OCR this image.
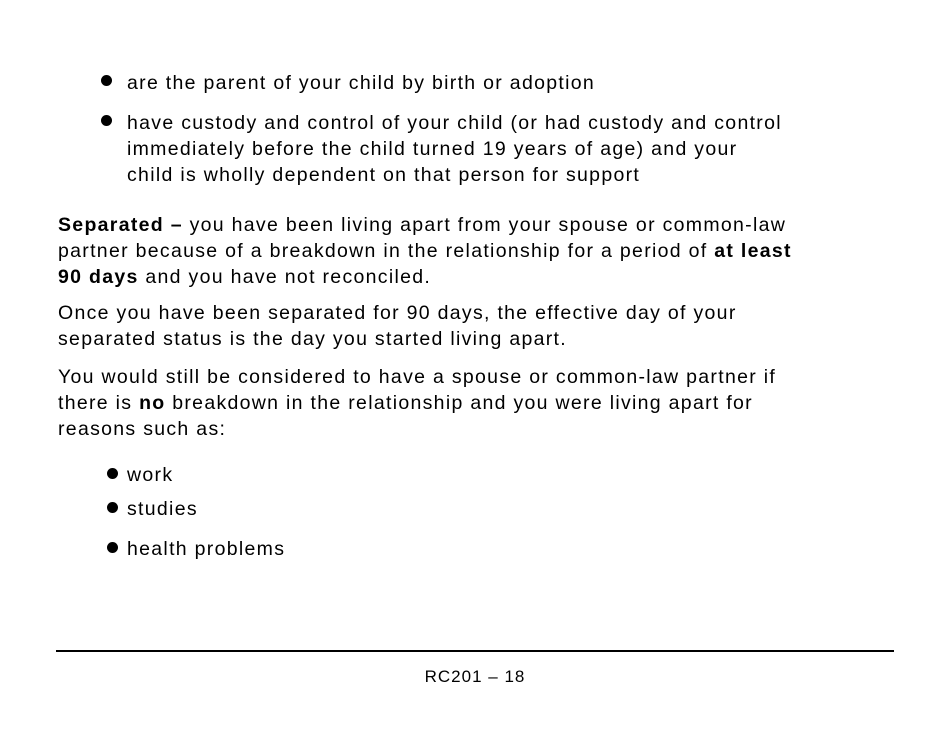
are the parent of your child by birth or adoption
have custody and control of your child (or had custody and control
immediately before the child turned 19 years of age) and your
child is wholly dependent on that person for support

Separated – you have been living apart from your spouse or common-law

partner because of a breakdown in the relationship for a period of at least

90 days and you have not reconciled.

Once you have been separated for 90 days, the effective day of your

separated status is the day you started living apart.

You would still be considered to have a spouse or common-law partner if

there is no breakdown in the relationship and you were living apart for

reasons such as:

work
studies
health problems
RC201 – 18
